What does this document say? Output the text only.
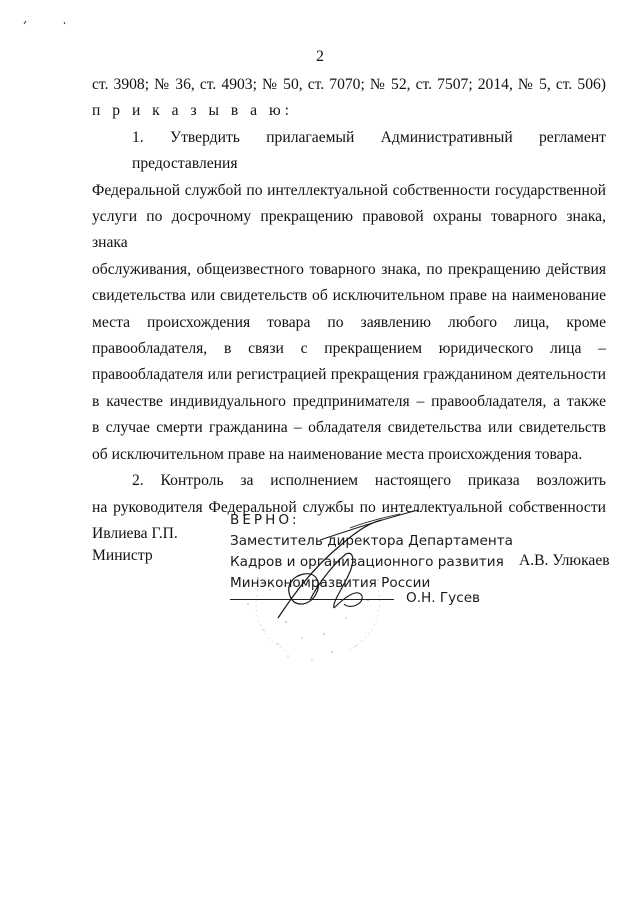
2
ст. 3908; № 36, ст. 4903; № 50, ст. 7070; № 52, ст. 7507; 2014, № 5, ст. 506)
п р и к а з ы в а ю:
1. Утвердить прилагаемый Административный регламент предоставления
Федеральной службой по интеллектуальной собственности государственной
услуги по досрочному прекращению правовой охраны товарного знака, знака
обслуживания, общеизвестного товарного знака, по прекращению действия
свидетельства или свидетельств об исключительном праве на наименование
места происхождения товара по заявлению любого лица, кроме
правообладателя, в связи с прекращением юридического лица –
правообладателя или регистрацией прекращения гражданином деятельности
в качестве индивидуального предпринимателя – правообладателя, а также
в случае смерти гражданина – обладателя свидетельства или свидетельств
об исключительном праве на наименование места происхождения товара.
2. Контроль за исполнением настоящего приказа возложить
на руководителя Федеральной службы по интеллектуальной собственности
Ивлиева Г.П.
Министр	А.В. Улюкаев
ВЕРНО:
Заместитель директора Департамента
Кадров и организационного развития
Минэкономразвития России
О.Н. Гусев
